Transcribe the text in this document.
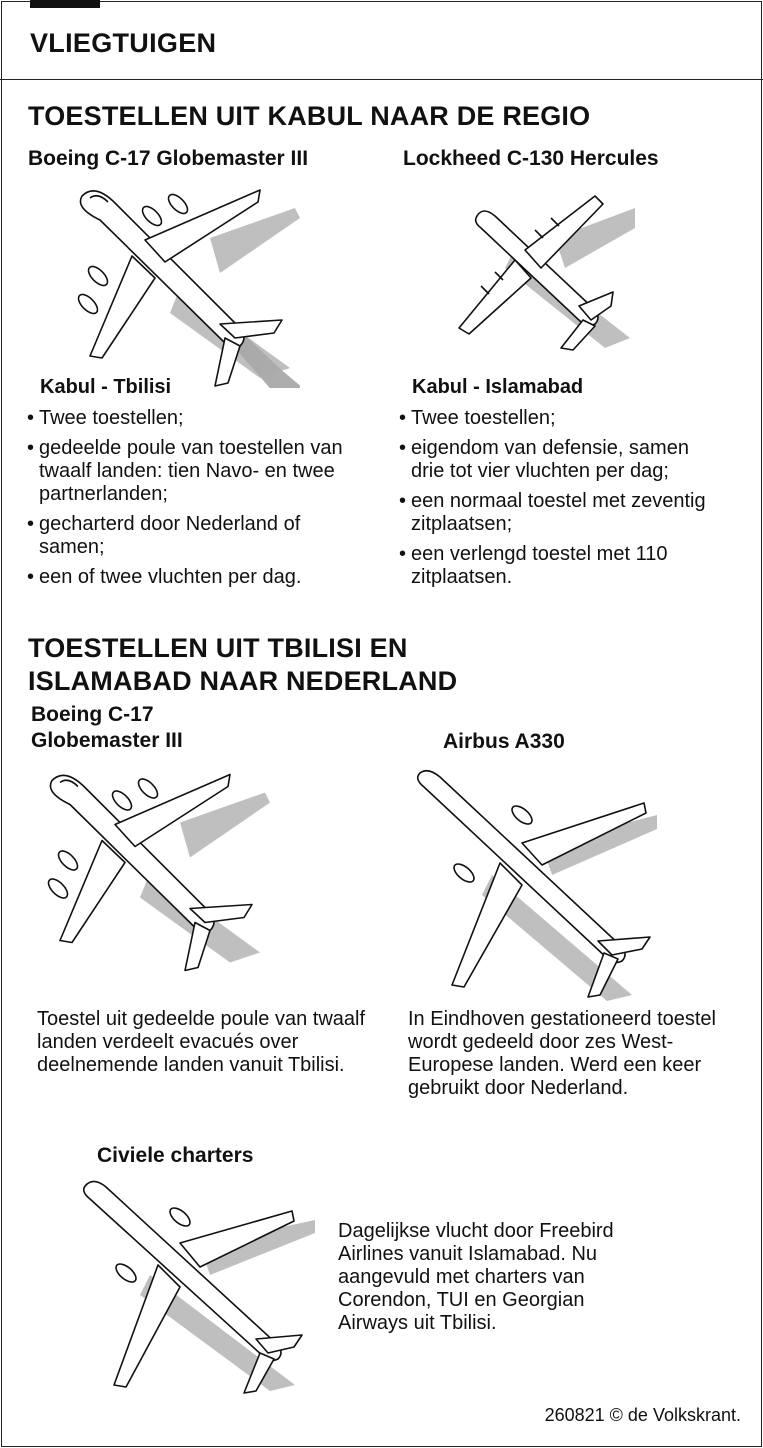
VLIEGTUIGEN
TOESTELLEN UIT KABUL NAAR DE REGIO
Boeing C-17 Globemaster III	Lockheed C-130 Hercules
Kabul - Tbilisi	Kabul - Islamabad
• Twee toestellen;
• gedeelde poule van toestellen van twaalf landen: tien Navo- en twee partnerlanden;
• gecharterd door Nederland of samen;
• een of twee vluchten per dag.
• Twee toestellen;
• eigendom van defensie, samen drie tot vier vluchten per dag;
• een normaal toestel met zeventig zitplaatsen;
• een verlengd toestel met 110 zitplaatsen.
TOESTELLEN UIT TBILISI EN
ISLAMABAD NAAR NEDERLAND
Boeing C-17
Globemaster III	Airbus A330
Toestel uit gedeelde poule van twaalf landen verdeelt evacués over deelnemende landen vanuit Tbilisi.
In Eindhoven gestationeerd toestel wordt gedeeld door zes West-Europese landen. Werd een keer gebruikt door Nederland.
Civiele charters
Dagelijkse vlucht door Freebird Airlines vanuit Islamabad. Nu aangevuld met charters van Corendon, TUI en Georgian Airways uit Tbilisi.
260821 © de Volkskrant.
